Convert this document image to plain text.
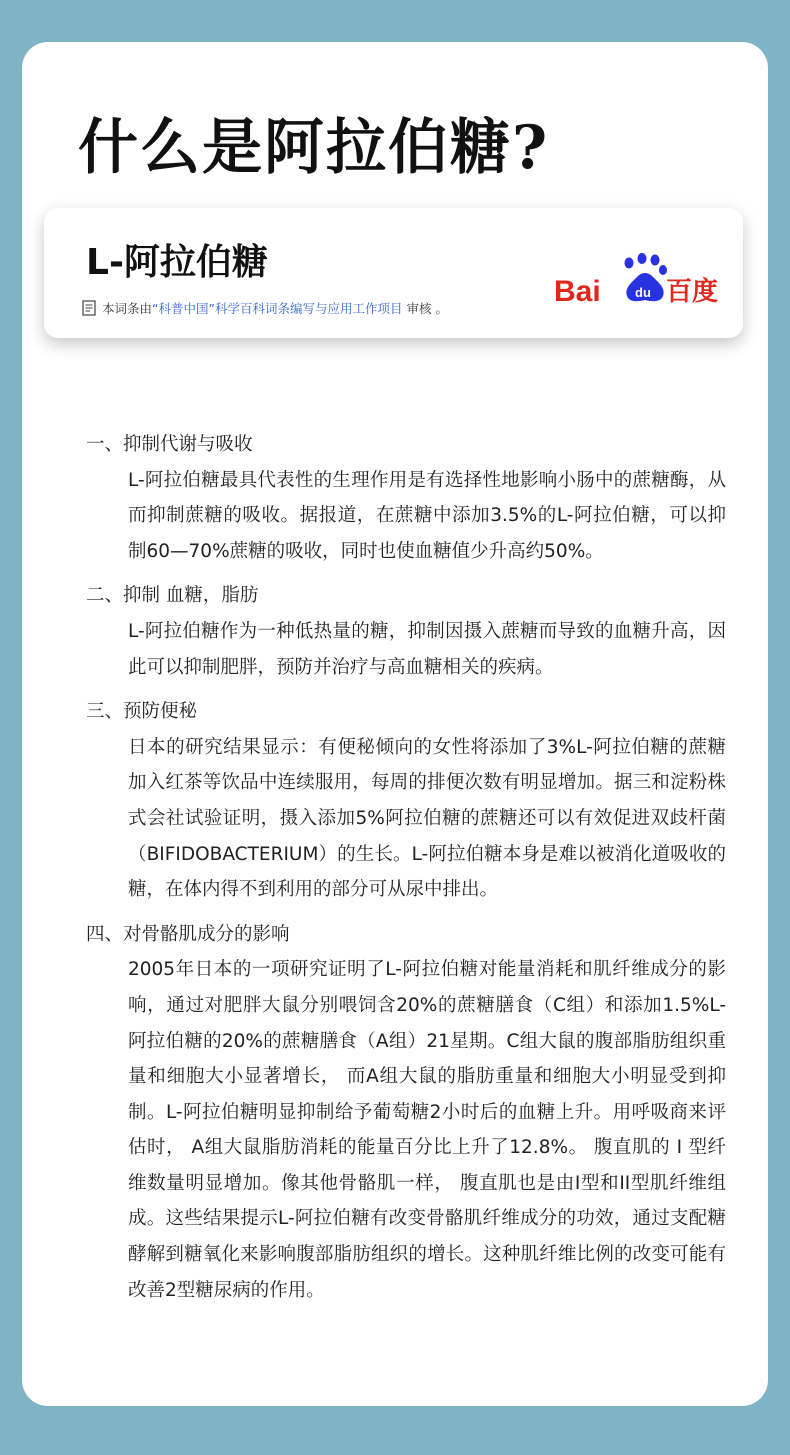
什么是阿拉伯糖?
L-阿拉伯糖
本词条由 “科普中国”科学百科词条编写与应用工作项目 审核 。
Bai	du 百度
一、抑制代谢与吸收
L-阿拉伯糖最具代表性的生理作用是有选择性地影响小肠中的蔗糖酶，从而抑制蔗糖的吸收。据报道，在蔗糖中添加3.5%的L-阿拉伯糖，可以抑制60—70%蔗糖的吸收，同时也使血糖值少升高约50%。
二、抑制 血糖，脂肪
L-阿拉伯糖作为一种低热量的糖，抑制因摄入蔗糖而导致的血糖升高，因此可以抑制肥胖，预防并治疗与高血糖相关的疾病。
三、预防便秘
日本的研究结果显示：有便秘倾向的女性将添加了3%L-阿拉伯糖的蔗糖加入红茶等饮品中连续服用，每周的排便次数有明显增加。据三和淀粉株式会社试验证明，摄入添加5%阿拉伯糖的蔗糖还可以有效促进双歧杆菌（BIFIDOBACTERIUM）的生长。L-阿拉伯糖本身是难以被消化道吸收的糖，在体内得不到利用的部分可从尿中排出。
四、对骨骼肌成分的影响
2005年日本的一项研究证明了L-阿拉伯糖对能量消耗和肌纤维成分的影响，通过对肥胖大鼠分别喂饲含20%的蔗糖膳食（C组）和添加1.5%L-阿拉伯糖的20%的蔗糖膳食（A组）21星期。C组大鼠的腹部脂肪组织重量和细胞大小显著增长， 而A组大鼠的脂肪重量和细胞大小明显受到抑制。L-阿拉伯糖明显抑制给予葡萄糖2小时后的血糖上升。用呼吸商来评估时， A组大鼠脂肪消耗的能量百分比上升了12.8%。 腹直肌的 I 型纤维数量明显增加。像其他骨骼肌一样， 腹直肌也是由I型和II型肌纤维组成。这些结果提示L-阿拉伯糖有改变骨骼肌纤维成分的功效，通过支配糖酵解到糖氧化来影响腹部脂肪组织的增长。这种肌纤维比例的改变可能有改善2型糖尿病的作用。
